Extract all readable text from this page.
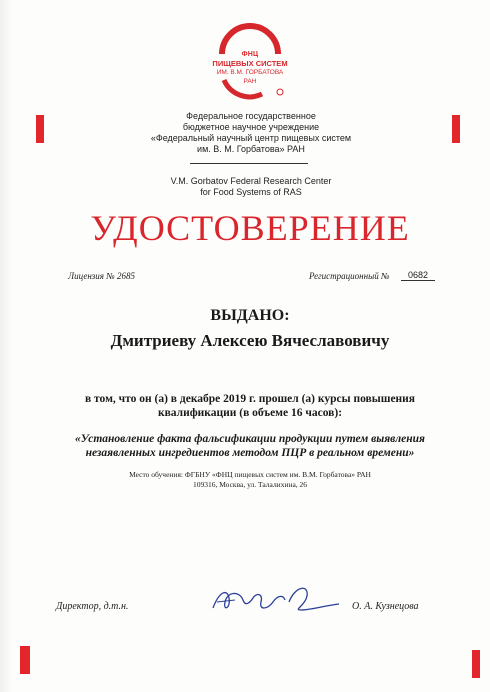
ФНЦ
ПИЩЕВЫХ СИСТЕМ
ИМ. В.М. ГОРБАТОВА
РАН
Федеральное государственное
бюджетное научное учреждение
«Федеральный научный центр пищевых систем
им. В. М. Горбатова» РАН
V.M. Gorbatov Federal Research Center
for Food Systems of RAS
УДОСТОВЕРЕНИЕ
Лицензия № 2685	Регистрационный №	0682
ВЫДАНО:
Дмитриеву Алексею Вячеславовичу
в том, что он (а) в декабре 2019 г. прошел (а) курсы повышения
квалификации (в объеме 16 часов):
«Установление факта фальсификации продукции путем выявления
незаявленных ингредиентов методом ПЦР в реальном времени»
Место обучения: ФГБНУ «ФНЦ пищевых систем им. В.М. Горбатова» РАН
109316, Москва, ул. Талалихина, 26
Директор, д.т.н.	О. А. Кузнецова
